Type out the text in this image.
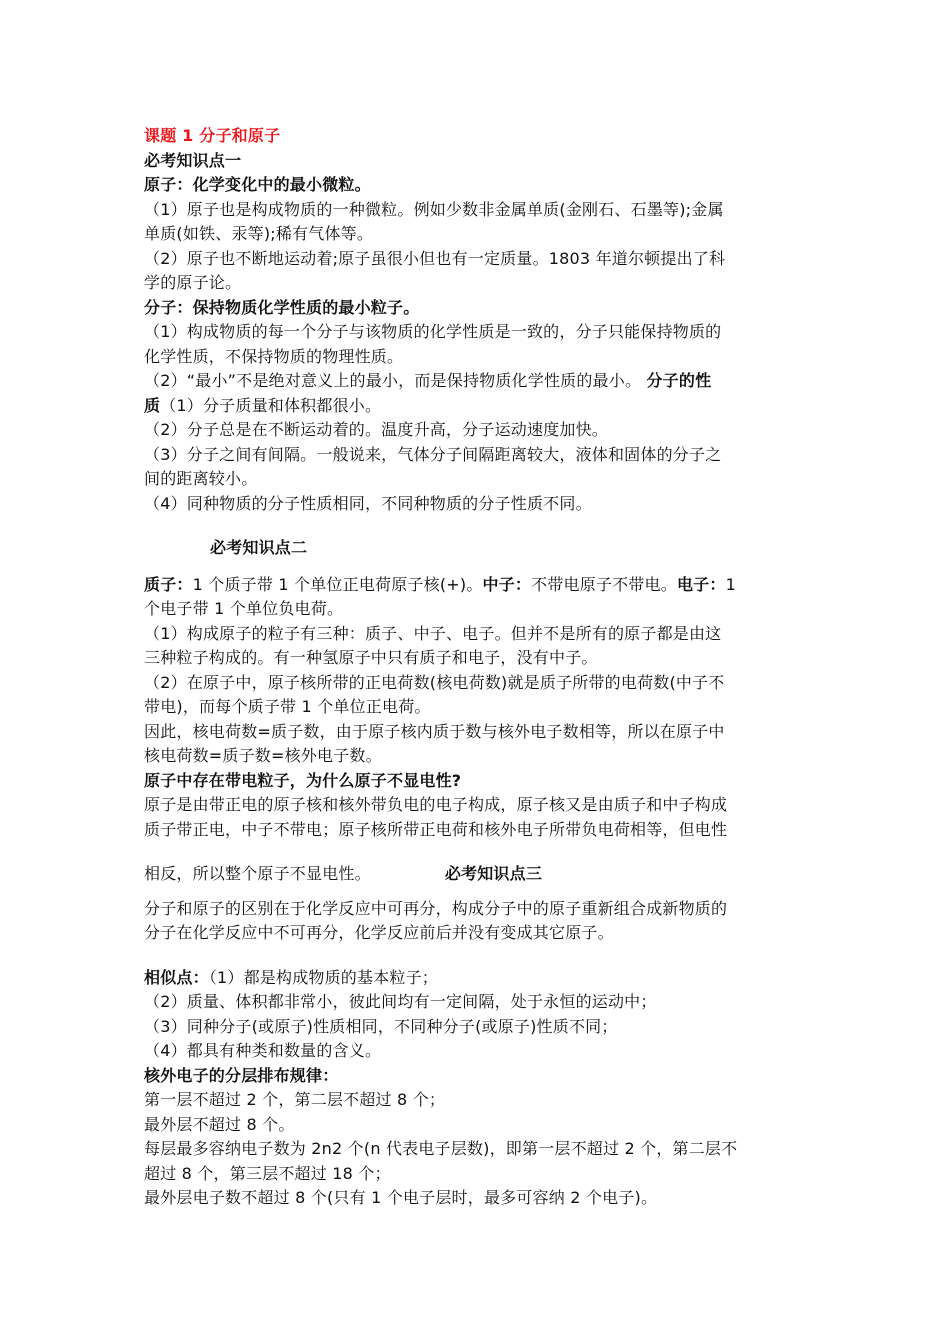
课题 1 分子和原子
必考知识点一
原子：化学变化中的最小微粒。
（1）原子也是构成物质的一种微粒。例如少数非金属单质(金刚石、石墨等);金属
单质(如铁、汞等);稀有气体等。
（2）原子也不断地运动着;原子虽很小但也有一定质量。1803 年道尔顿提出了科
学的原子论。
分子：保持物质化学性质的最小粒子。
（1）构成物质的每一个分子与该物质的化学性质是一致的，分子只能保持物质的
化学性质，不保持物质的物理性质。
（2）“最小”不是绝对意义上的最小，而是保持物质化学性质的最小。 分子的性
质（1）分子质量和体积都很小。
（2）分子总是在不断运动着的。温度升高，分子运动速度加快。
（3）分子之间有间隔。一般说来，气体分子间隔距离较大，液体和固体的分子之
间的距离较小。
（4）同种物质的分子性质相同，不同种物质的分子性质不同。
必考知识点二
质子：1 个质子带 1 个单位正电荷原子核(+)。中子：不带电原子不带电。电子：1
个电子带 1 个单位负电荷。
（1）构成原子的粒子有三种：质子、中子、电子。但并不是所有的原子都是由这
三种粒子构成的。有一种氢原子中只有质子和电子，没有中子。
（2）在原子中，原子核所带的正电荷数(核电荷数)就是质子所带的电荷数(中子不
带电)，而每个质子带 1 个单位正电荷。
因此，核电荷数=质子数，由于原子核内质于数与核外电子数相等，所以在原子中
核电荷数=质子数=核外电子数。
原子中存在带电粒子，为什么原子不显电性?
原子是由带正电的原子核和核外带负电的电子构成，原子核又是由质子和中子构成
质子带正电，中子不带电；原子核所带正电荷和核外电子所带负电荷相等，但电性
相反，所以整个原子不显电性。	必考知识点三
分子和原子的区别在于化学反应中可再分，构成分子中的原子重新组合成新物质的
分子在化学反应中不可再分，化学反应前后并没有变成其它原子。
相似点：（1）都是构成物质的基本粒子；
（2）质量、体积都非常小，彼此间均有一定间隔，处于永恒的运动中；
（3）同种分子(或原子)性质相同，不同种分子(或原子)性质不同；
（4）都具有种类和数量的含义。
核外电子的分层排布规律：
第一层不超过 2 个，第二层不超过 8 个；
最外层不超过 8 个。
每层最多容纳电子数为 2n2 个(n 代表电子层数)，即第一层不超过 2 个，第二层不
超过 8 个，第三层不超过 18 个；
最外层电子数不超过 8 个(只有 1 个电子层时，最多可容纳 2 个电子)。
